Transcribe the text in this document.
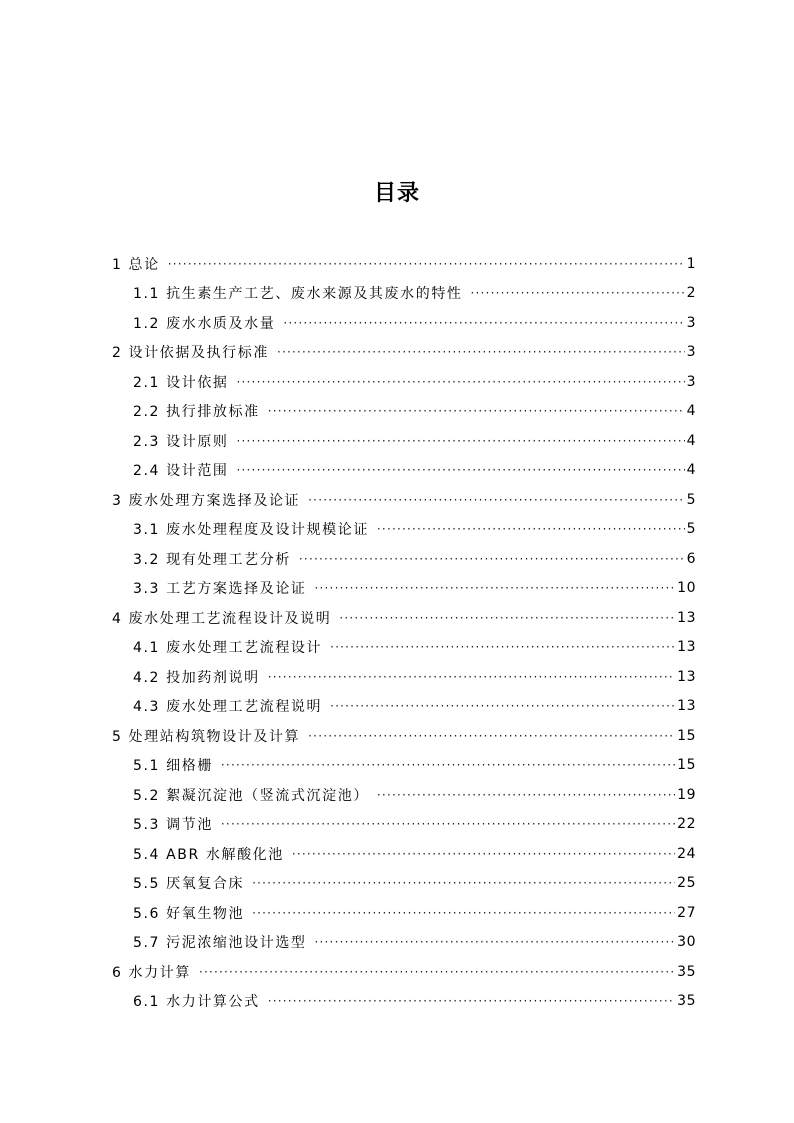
目录
1 总论 ·····	1
1.1 抗生素生产工艺、废水来源及其废水的特性 ·····	2
1.2 废水水质及水量 ·····	3
2 设计依据及执行标准 ·····	3
2.1 设计依据 ·····	3
2.2 执行排放标准 ·····	4
2.3 设计原则 ·····	4
2.4 设计范围 ·····	4
3 废水处理方案选择及论证 ·····	5
3.1 废水处理程度及设计规模论证 ·····	5
3.2 现有处理工艺分析 ·····	6
3.3 工艺方案选择及论证 ·····	10
4 废水处理工艺流程设计及说明 ·····	13
4.1 废水处理工艺流程设计 ·····	13
4.2 投加药剂说明 ·····	13
4.3 废水处理工艺流程说明 ·····	13
5 处理站构筑物设计及计算 ·····	15
5.1 细格栅 ·····	15
5.2 絮凝沉淀池（竖流式沉淀池） ·····	19
5.3 调节池 ·····	22
5.4 ABR 水解酸化池 ·····	24
5.5 厌氧复合床 ·····	25
5.6 好氧生物池 ·····	27
5.7 污泥浓缩池设计选型 ·····	30
6 水力计算 ·····	35
6.1 水力计算公式 ·····	35
